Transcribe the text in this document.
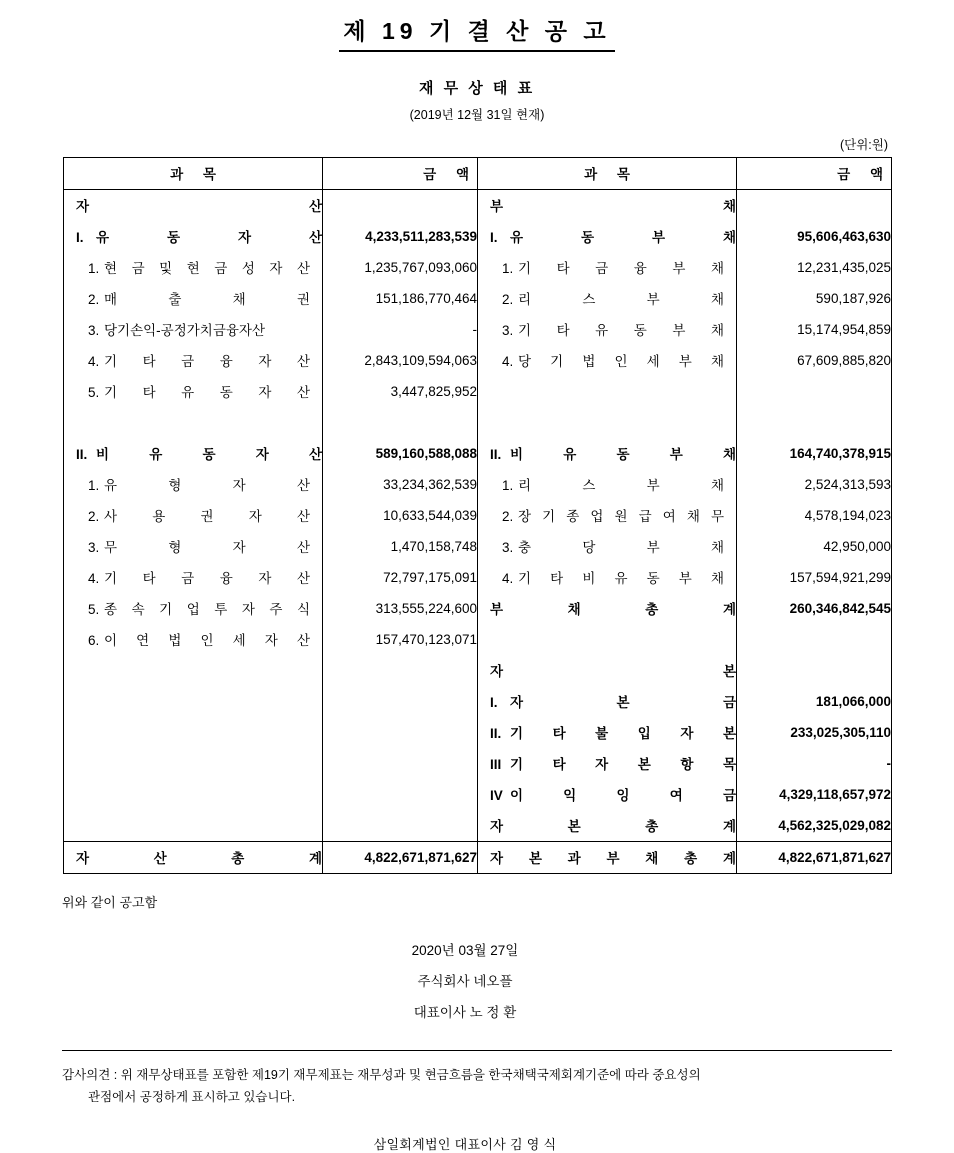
제 19 기 결 산 공 고
재 무 상 태 표
(2019년 12월 31일 현재)
(단위:원)
과 목	금 액	과 목	금 액

자 산		부 채	

I. 유 동 자 산	4,233,511,283,539	I. 유 동 부 채	95,606,463,630

1. 현 금 및 현 금 성 자 산	1,235,767,093,060	1. 기 타 금 융 부 채	12,231,435,025

2. 매 출 채 권	151,186,770,464	2. 리 스 부 채	590,187,926

3. 당기손익-공정가치금융자산	-	3. 기 타 유 동 부 채	15,174,954,859

4. 기 타 금 융 자 산	2,843,109,594,063	4. 당 기 법 인 세 부 채	67,609,885,820

5. 기 타 유 동 자 산	3,447,825,952		

II. 비 유 동 자 산	589,160,588,088	II. 비 유 동 부 채	164,740,378,915

1. 유 형 자 산	33,234,362,539	1. 리 스 부 채	2,524,313,593

2. 사 용 권 자 산	10,633,544,039	2. 장 기 종 업 원 급 여 채 무	4,578,194,023

3. 무 형 자 산	1,470,158,748	3. 충 당 부 채	42,950,000

4. 기 타 금 융 자 산	72,797,175,091	4. 기 타 비 유 동 부 채	157,594,921,299

5. 종 속 기 업 투 자 주 식	313,555,224,600	부 채 총 계	260,346,842,545

6. 이 연 법 인 세 자 산	157,470,123,071		

		자 본	

		I. 자 본 금	181,066,000

		II. 기 타 불 입 자 본	233,025,305,110

		III 기 타 자 본 항 목	-

		IV 이 익 잉 여 금	4,329,118,657,972

		자 본 총 계	4,562,325,029,082

자 산 총 계	4,822,671,871,627	자 본 과 부 채 총 계	4,822,671,871,627
위와 같이 공고함
2020년 03월 27일
주식회사 네오플
대표이사 노 정 환
감사의견 : 위 재무상태표를 포함한 제19기 재무제표는 재무성과 및 현금흐름을 한국채택국제회계기준에 따라 중요성의
관점에서 공정하게 표시하고 있습니다.
삼일회계법인 대표이사 김 영 식
